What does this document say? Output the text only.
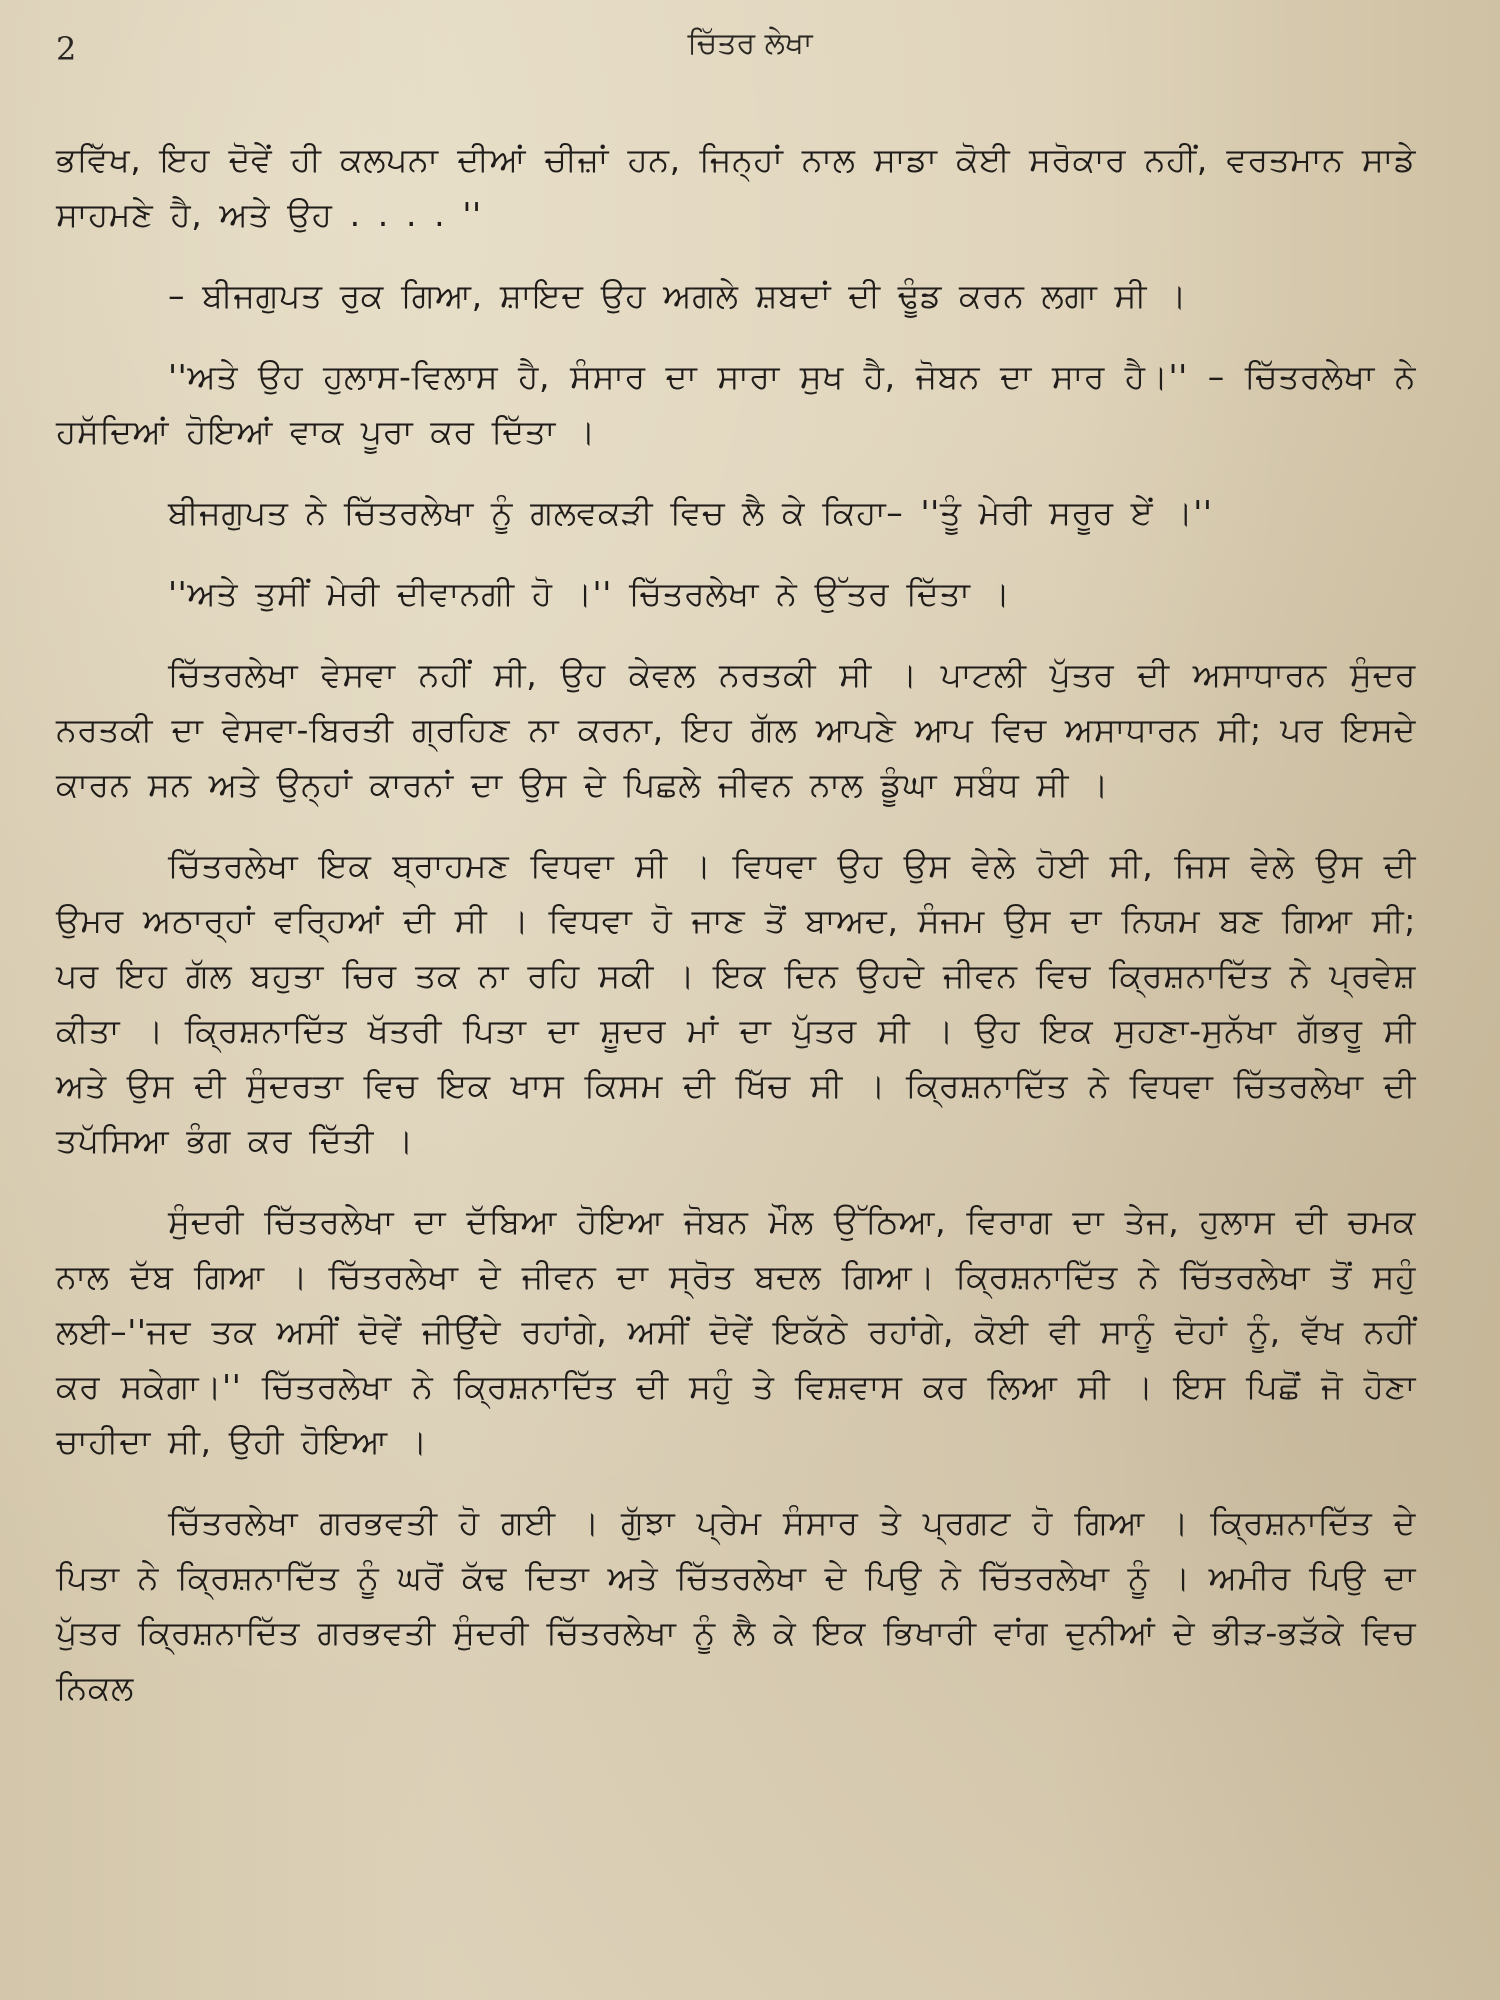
2	ਚਿੱਤਰ ਲੇਖਾ

ਭਵਿੱਖ, ਇਹ ਦੋਵੇਂ ਹੀ ਕਲਪਨਾ ਦੀਆਂ ਚੀਜ਼ਾਂ ਹਨ, ਜਿਨ੍ਹਾਂ ਨਾਲ ਸਾਡਾ ਕੋਈ ਸਰੋਕਾਰ ਨਹੀਂ, ਵਰਤਮਾਨ ਸਾਡੇ ਸਾਹਮਣੇ ਹੈ, ਅਤੇ ਉਹ . . . . ''

– ਬੀਜਗੁਪਤ ਰੁਕ ਗਿਆ, ਸ਼ਾਇਦ ਉਹ ਅਗਲੇ ਸ਼ਬਦਾਂ ਦੀ ਢੂੰਡ ਕਰਨ ਲਗਾ ਸੀ ।

''ਅਤੇ ਉਹ ਹੁਲਾਸ-ਵਿਲਾਸ ਹੈ, ਸੰਸਾਰ ਦਾ ਸਾਰਾ ਸੁਖ ਹੈ, ਜੋਬਨ ਦਾ ਸਾਰ ਹੈ।'' – ਚਿੱਤਰਲੇਖਾ ਨੇ ਹਸੱਦਿਆਂ ਹੋਇਆਂ ਵਾਕ ਪੂਰਾ ਕਰ ਦਿੱਤਾ ।

ਬੀਜਗੁਪਤ ਨੇ ਚਿੱਤਰਲੇਖਾ ਨੂੰ ਗਲਵਕੜੀ ਵਿਚ ਲੈ ਕੇ ਕਿਹਾ– ''ਤੂੰ ਮੇਰੀ ਸਰੂਰ ਏਂ ।''

''ਅਤੇ ਤੁਸੀਂ ਮੇਰੀ ਦੀਵਾਨਗੀ ਹੋ ।'' ਚਿੱਤਰਲੇਖਾ ਨੇ ਉੱਤਰ ਦਿੱਤਾ ।

ਚਿੱਤਰਲੇਖਾ ਵੇਸਵਾ ਨਹੀਂ ਸੀ, ਉਹ ਕੇਵਲ ਨਰਤਕੀ ਸੀ । ਪਾਟਲੀ ਪੁੱਤਰ ਦੀ ਅਸਾਧਾਰਨ ਸੁੰਦਰ ਨਰਤਕੀ ਦਾ ਵੇਸਵਾ-ਬਿਰਤੀ ਗ੍ਰਹਿਣ ਨਾ ਕਰਨਾ, ਇਹ ਗੱਲ ਆਪਣੇ ਆਪ ਵਿਚ ਅਸਾਧਾਰਨ ਸੀ; ਪਰ ਇਸਦੇ ਕਾਰਨ ਸਨ ਅਤੇ ਉਨ੍ਹਾਂ ਕਾਰਨਾਂ ਦਾ ਉਸ ਦੇ ਪਿਛਲੇ ਜੀਵਨ ਨਾਲ ਡੂੰਘਾ ਸਬੰਧ ਸੀ ।

ਚਿੱਤਰਲੇਖਾ ਇਕ ਬ੍ਰਾਹਮਣ ਵਿਧਵਾ ਸੀ । ਵਿਧਵਾ ਉਹ ਉਸ ਵੇਲੇ ਹੋਈ ਸੀ, ਜਿਸ ਵੇਲੇ ਉਸ ਦੀ ਉਮਰ ਅਠਾਰ੍ਹਾਂ ਵਰ੍ਹਿਆਂ ਦੀ ਸੀ । ਵਿਧਵਾ ਹੋ ਜਾਣ ਤੋਂ ਬਾਅਦ, ਸੰਜਮ ਉਸ ਦਾ ਨਿਯਮ ਬਣ ਗਿਆ ਸੀ; ਪਰ ਇਹ ਗੱਲ ਬਹੁਤਾ ਚਿਰ ਤਕ ਨਾ ਰਹਿ ਸਕੀ । ਇਕ ਦਿਨ ਉਹਦੇ ਜੀਵਨ ਵਿਚ ਕ੍ਰਿਸ਼ਨਾਦਿੱਤ ਨੇ ਪ੍ਰਵੇਸ਼ ਕੀਤਾ । ਕ੍ਰਿਸ਼ਨਾਦਿੱਤ ਖੱਤਰੀ ਪਿਤਾ ਦਾ ਸ਼ੂਦਰ ਮਾਂ ਦਾ ਪੁੱਤਰ ਸੀ । ਉਹ ਇਕ ਸੁਹਣਾ-ਸੁਨੱਖਾ ਗੱਭਰੂ ਸੀ ਅਤੇ ਉਸ ਦੀ ਸੁੰਦਰਤਾ ਵਿਚ ਇਕ ਖਾਸ ਕਿਸਮ ਦੀ ਖਿੱਚ ਸੀ । ਕ੍ਰਿਸ਼ਨਾਦਿੱਤ ਨੇ ਵਿਧਵਾ ਚਿੱਤਰਲੇਖਾ ਦੀ ਤਪੱਸਿਆ ਭੰਗ ਕਰ ਦਿੱਤੀ ।

ਸੁੰਦਰੀ ਚਿੱਤਰਲੇਖਾ ਦਾ ਦੱਬਿਆ ਹੋਇਆ ਜੋਬਨ ਮੌਲ ਉੱਠਿਆ, ਵਿਰਾਗ ਦਾ ਤੇਜ, ਹੁਲਾਸ ਦੀ ਚਮਕ ਨਾਲ ਦੱਬ ਗਿਆ । ਚਿੱਤਰਲੇਖਾ ਦੇ ਜੀਵਨ ਦਾ ਸ੍ਰੋਤ ਬਦਲ ਗਿਆ। ਕ੍ਰਿਸ਼ਨਾਦਿੱਤ ਨੇ ਚਿੱਤਰਲੇਖਾ ਤੋਂ ਸਹੁੰ ਲਈ–''ਜਦ ਤਕ ਅਸੀਂ ਦੋਵੇਂ ਜੀਉਂਦੇ ਰਹਾਂਗੇ, ਅਸੀਂ ਦੋਵੇਂ ਇਕੱਠੇ ਰਹਾਂਗੇ, ਕੋਈ ਵੀ ਸਾਨੂੰ ਦੋਹਾਂ ਨੂੰ, ਵੱਖ ਨਹੀਂ ਕਰ ਸਕੇਗਾ।'' ਚਿੱਤਰਲੇਖਾ ਨੇ ਕ੍ਰਿਸ਼ਨਾਦਿੱਤ ਦੀ ਸਹੁੰ ਤੇ ਵਿਸ਼ਵਾਸ ਕਰ ਲਿਆ ਸੀ । ਇਸ ਪਿਛੋਂ ਜੋ ਹੋਣਾ ਚਾਹੀਦਾ ਸੀ, ਉਹੀ ਹੋਇਆ ।

ਚਿੱਤਰਲੇਖਾ ਗਰਭਵਤੀ ਹੋ ਗਈ । ਗੁੱਝਾ ਪ੍ਰੇਮ ਸੰਸਾਰ ਤੇ ਪ੍ਰਗਟ ਹੋ ਗਿਆ । ਕ੍ਰਿਸ਼ਨਾਦਿੱਤ ਦੇ ਪਿਤਾ ਨੇ ਕ੍ਰਿਸ਼ਨਾਦਿੱਤ ਨੂੰ ਘਰੋਂ ਕੱਢ ਦਿਤਾ ਅਤੇ ਚਿੱਤਰਲੇਖਾ ਦੇ ਪਿਉ ਨੇ ਚਿੱਤਰਲੇਖਾ ਨੂੰ । ਅਮੀਰ ਪਿਉ ਦਾ ਪੁੱਤਰ ਕ੍ਰਿਸ਼ਨਾਦਿੱਤ ਗਰਭਵਤੀ ਸੁੰਦਰੀ ਚਿੱਤਰਲੇਖਾ ਨੂੰ ਲੈ ਕੇ ਇਕ ਭਿਖਾਰੀ ਵਾਂਗ ਦੁਨੀਆਂ ਦੇ ਭੀੜ-ਭੜੱਕੇ ਵਿਚ ਨਿਕਲ
